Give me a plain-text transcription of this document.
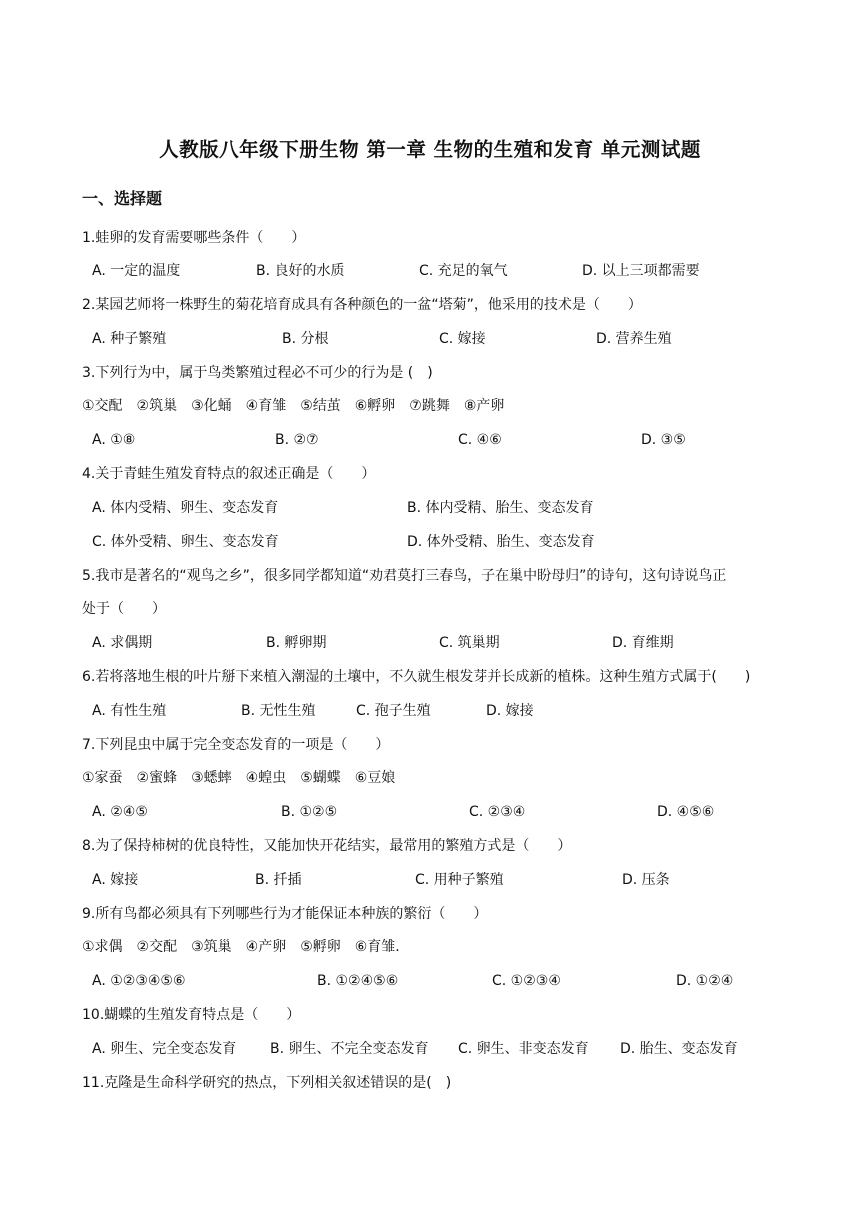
人教版八年级下册生物 第一章 生物的生殖和发育 单元测试题
一、选择题
1.蛙卵的发育需要哪些条件（　　）
A. 一定的温度	B. 良好的水质	C. 充足的氧气	D. 以上三项都需要
2.某园艺师将一株野生的菊花培育成具有各种颜色的一盆“塔菊”，他采用的技术是（　　）
A. 种子繁殖	B. 分根	C. 嫁接	D. 营养生殖
3.下列行为中，属于鸟类繁殖过程必不可少的行为是 (　)
①交配　②筑巢　③化蛹　④育雏　⑤结茧　⑥孵卵　⑦跳舞　⑧产卵
A. ①⑧	B. ②⑦	C. ④⑥	D. ③⑤
4.关于青蛙生殖发育特点的叙述正确是（　　）
A. 体内受精、卵生、变态发育	B. 体内受精、胎生、变态发育
C. 体外受精、卵生、变态发育	D. 体外受精、胎生、变态发育
5.我市是著名的“观鸟之乡”，很多同学都知道“劝君莫打三春鸟，子在巢中盼母归”的诗句，这句诗说鸟正
处于（　　）
A. 求偶期	B. 孵卵期	C. 筑巢期	D. 育维期
6.若将落地生根的叶片掰下来植入潮湿的土壤中，不久就生根发芽并长成新的植株。这种生殖方式属于(　　)
A. 有性生殖	B. 无性生殖	C. 孢子生殖	D. 嫁接
7.下列昆虫中属于完全变态发育的一项是（　　）
①家蚕　②蜜蜂　③蟋蟀　④蝗虫　⑤蝴蝶　⑥豆娘
A. ②④⑤	B. ①②⑤	C. ②③④	D. ④⑤⑥
8.为了保持柿树的优良特性，又能加快开花结实，最常用的繁殖方式是（　　）
A. 嫁接	B. 扦插	C. 用种子繁殖	D. 压条
9.所有鸟都必须具有下列哪些行为才能保证本种族的繁衍（　　）
①求偶　②交配　③筑巢　④产卵　⑤孵卵　⑥育雏.
A. ①②③④⑤⑥	B. ①②④⑤⑥	C. ①②③④	D. ①②④
10.蝴蝶的生殖发育特点是（　　）
A. 卵生、完全变态发育 B. 卵生、不完全变态发育 C. 卵生、非变态发育 D. 胎生、变态发育
11.克隆是生命科学研究的热点，下列相关叙述错误的是(　)
